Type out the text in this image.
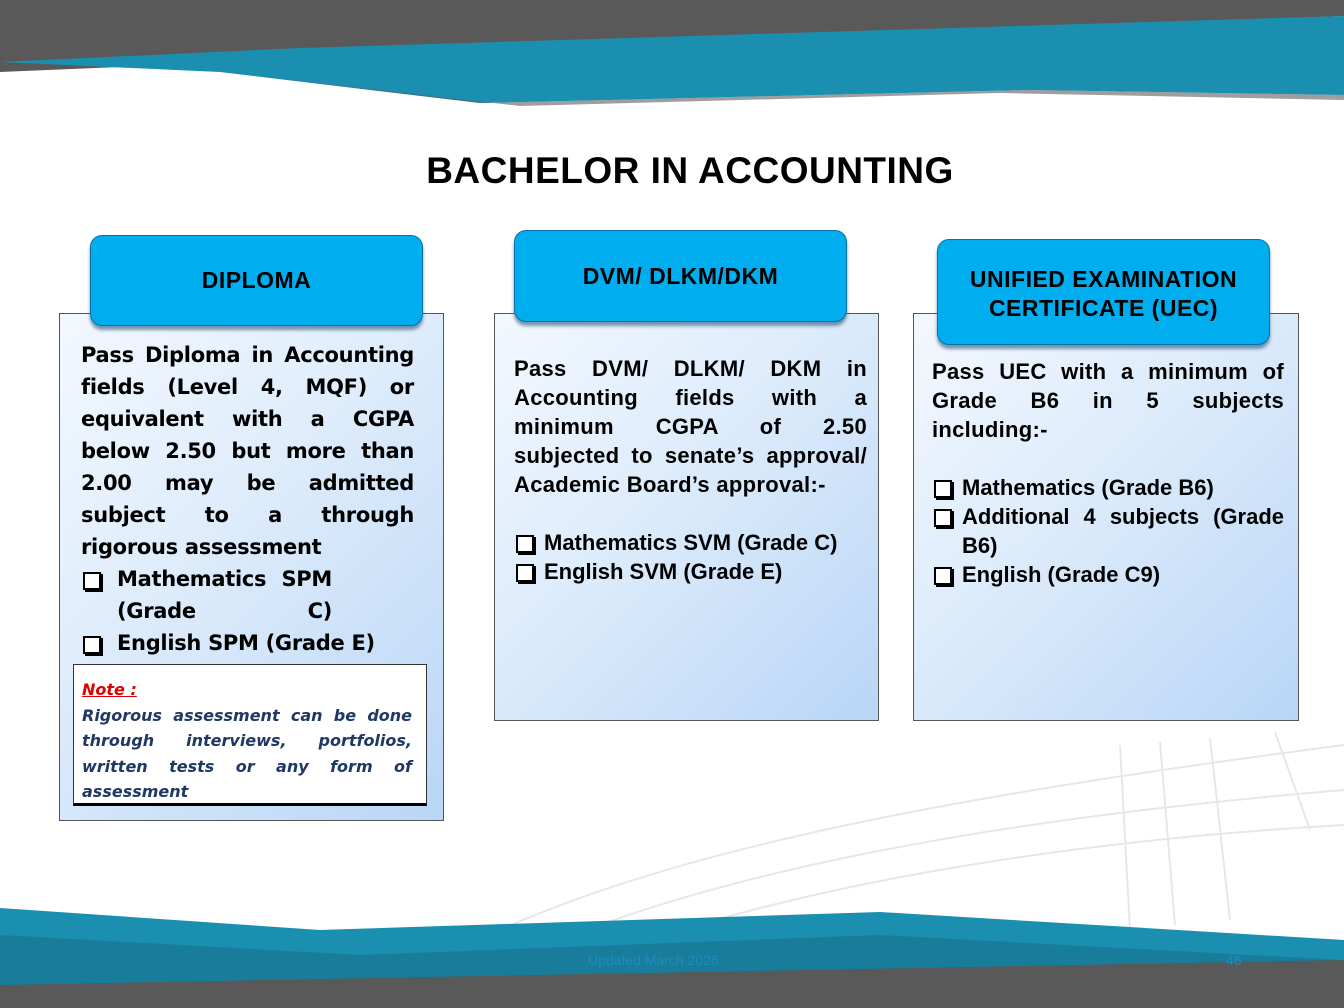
BACHELOR IN ACCOUNTING
DIPLOMA

Pass Diploma in Accounting fields (Level 4, MQF) or equivalent with a CGPA below 2.50 but more than 2.00 may be admitted subject to a through rigorous assessment

Mathematics SPM (Grade C)
English SPM (Grade E)
Note :
Rigorous assessment can be done through interviews, portfolios, written tests or any form of assessment
DVM/ DLKM/DKM

Pass DVM/ DLKM/ DKM in Accounting fields with a minimum CGPA of 2.50 subjected to senate’s approval/ Academic Board’s approval:-

Mathematics SVM (Grade C)
English SVM (Grade E)
UNIFIED EXAMINATION CERTIFICATE (UEC)

Pass UEC with a minimum of Grade B6 in 5 subjects including:-

Mathematics (Grade B6)
Additional 4 subjects (Grade B6)
English (Grade C9)
Updated March 2026	46
